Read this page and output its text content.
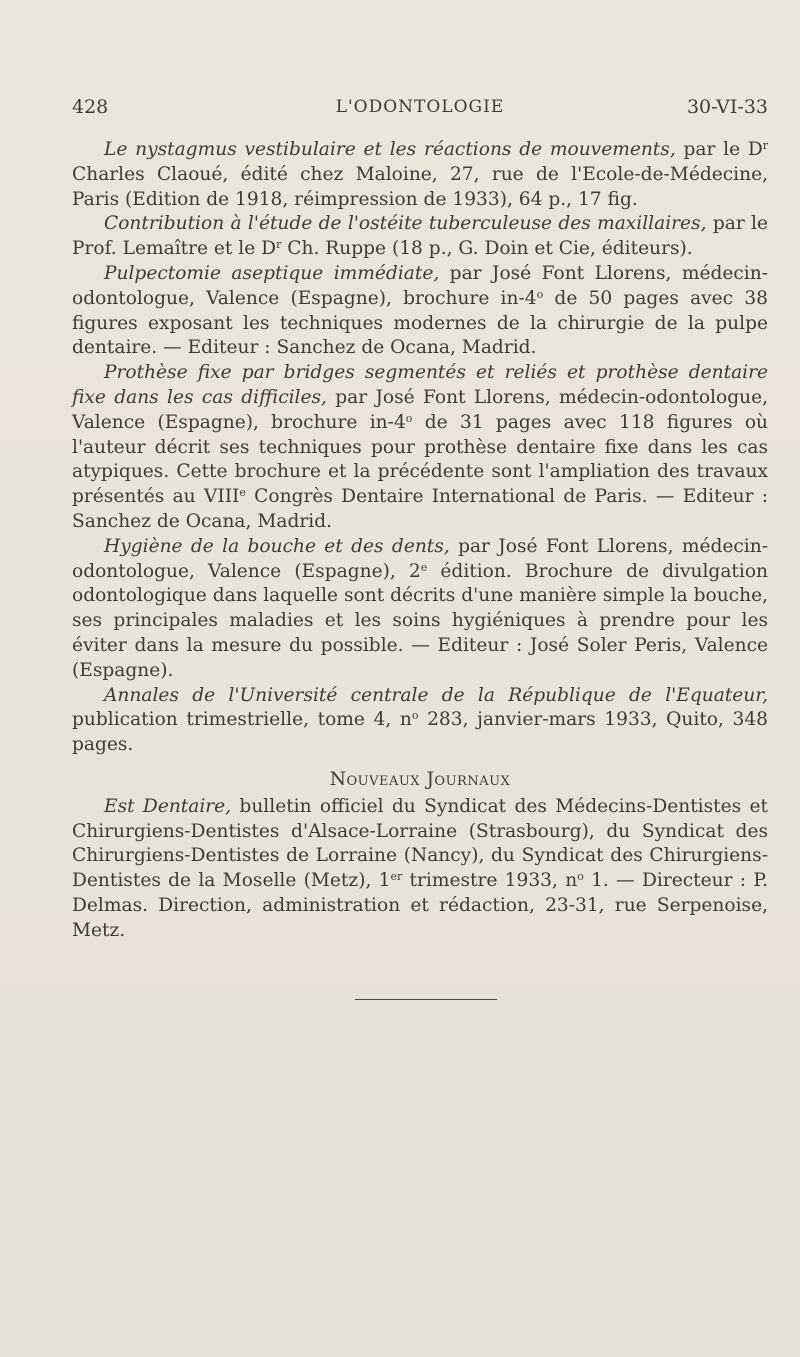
428	L'ODONTOLOGIE	30-VI-33

Le nystagmus vestibulaire et les réactions de mouvements, par le $D^r$ Charles Claoué, édité chez Maloine, 27, rue de l'Ecole-de-Médecine, Paris (Edition de 1918, réimpression de 1933), 64 p., 17 fig.

Contribution à l'étude de l'ostéite tuberculeuse des maxillaires, par le Prof. Lemaître et le $D^r$ Ch. Ruppe (18 p., G. Doin et Cie, éditeurs).

Pulpectomie aseptique immédiate, par José Font Llorens, médecin-odontologue, Valence (Espagne), brochure in-4$^o$ de 50 pages avec 38 figures exposant les techniques modernes de la chirurgie de la pulpe dentaire. — Editeur : Sanchez de Ocana, Madrid.

Prothèse fixe par bridges segmentés et reliés et prothèse dentaire fixe dans les cas difficiles, par José Font Llorens, médecin-odontologue, Valence (Espagne), brochure in-4$^o$ de 31 pages avec 118 figures où l'auteur décrit ses techniques pour prothèse dentaire fixe dans les cas atypiques. Cette brochure et la précédente sont l'ampliation des travaux présentés au VIIIe Congrès Dentaire International de Paris. — Editeur : Sanchez de Ocana, Madrid.

Hygiène de la bouche et des dents, par José Font Llorens, médecin-odontologue, Valence (Espagne), 2e édition. Brochure de divulgation odontologique dans laquelle sont décrits d'une manière simple la bouche, ses principales maladies et les soins hygiéniques à prendre pour les éviter dans la mesure du possible. — Editeur : José Soler Peris, Valence (Espagne).

Annales de l'Université centrale de la République de l'Equateur, publication trimestrielle, tome 4, $n^o$ 283, janvier-mars 1933, Quito, 348 pages.

Nouveaux Journaux

Est Dentaire, bulletin officiel du Syndicat des Médecins-Dentistes et Chirurgiens-Dentistes d'Alsace-Lorraine (Strasbourg), du Syndicat des Chirurgiens-Dentistes de Lorraine (Nancy), du Syndicat des Chirurgiens-Dentistes de la Moselle (Metz), 1er trimestre 1933, $n^o$ 1. — Directeur : P. Delmas. Direction, administration et rédaction, 23-31, rue Serpenoise, Metz.
